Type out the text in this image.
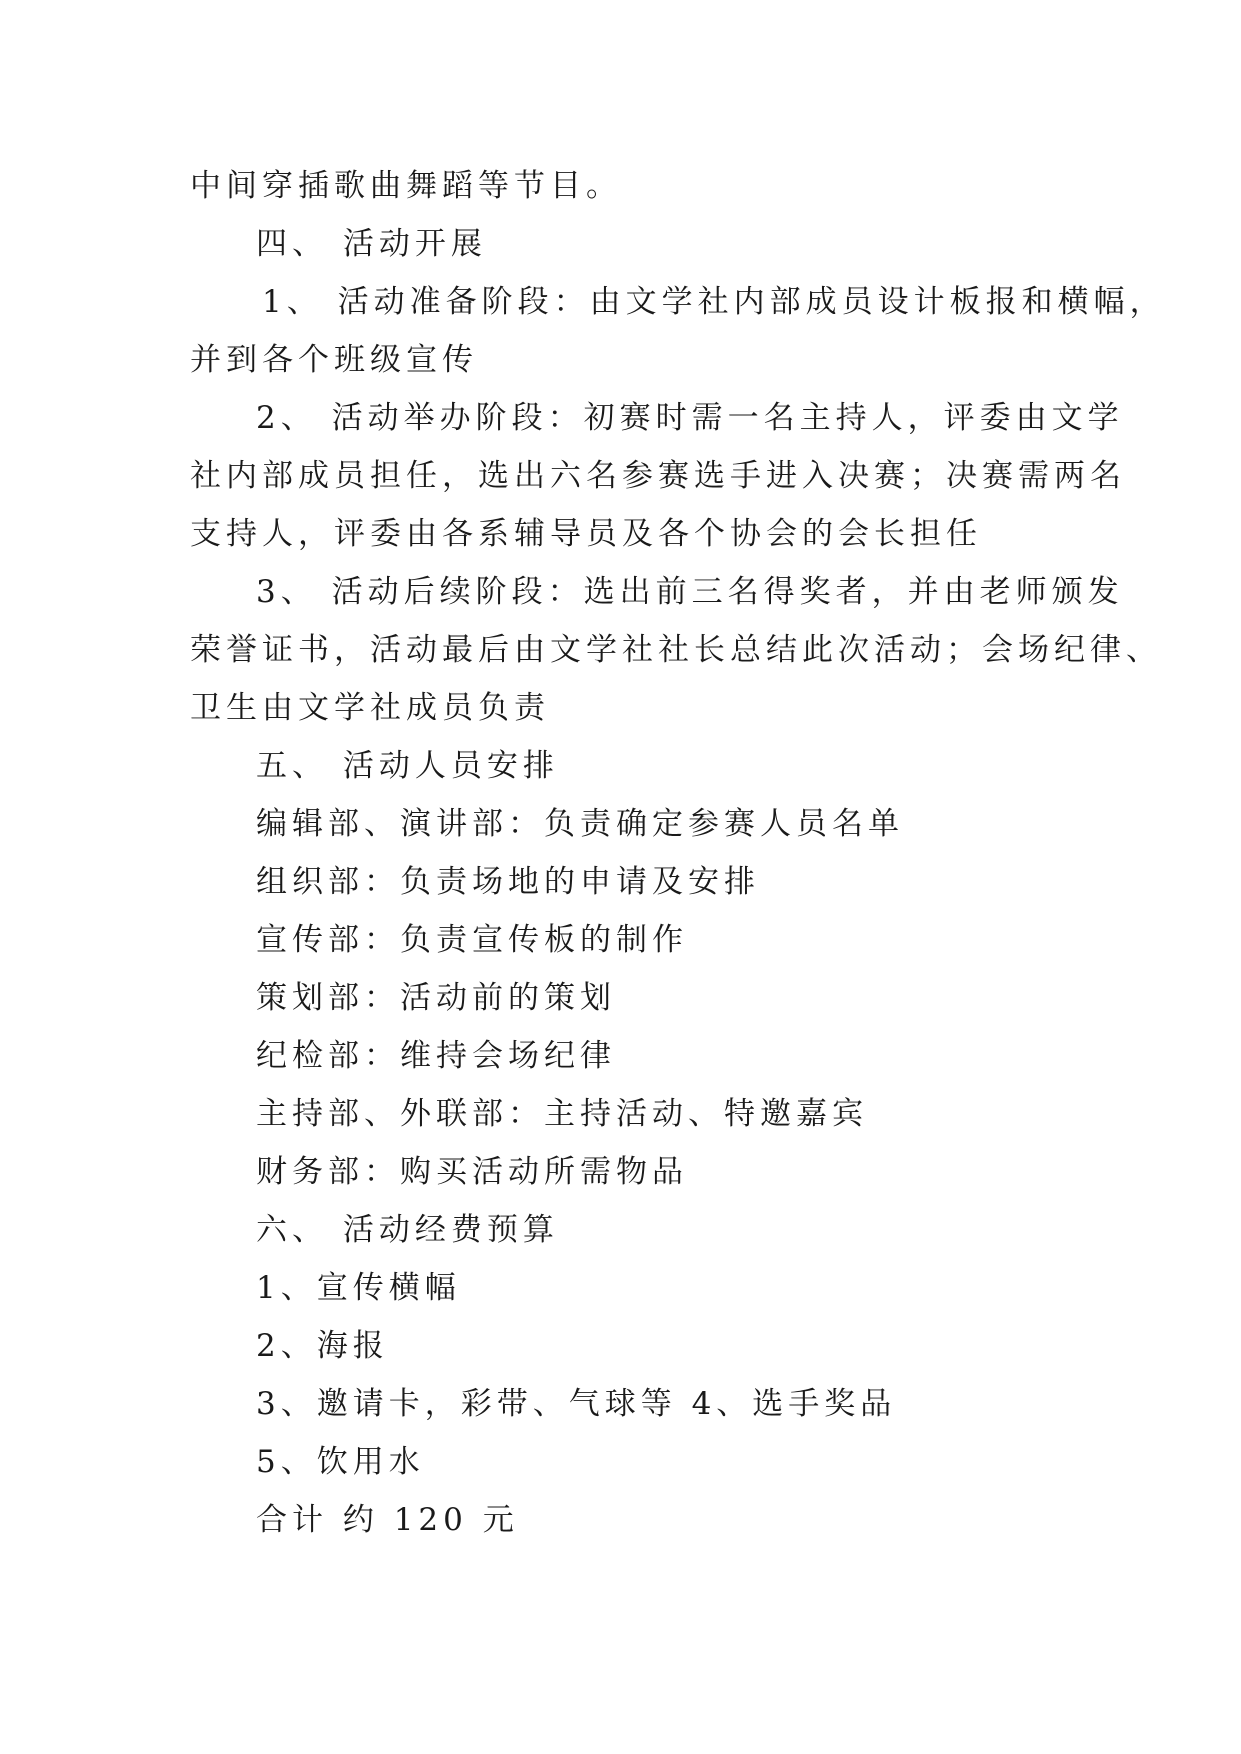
中间穿插歌曲舞蹈等节目。
四、 活动开展
1、 活动准备阶段：由文学社内部成员设计板报和横幅，
并到各个班级宣传
2、 活动举办阶段：初赛时需一名主持人，评委由文学
社内部成员担任，选出六名参赛选手进入决赛；决赛需两名
支持人，评委由各系辅导员及各个协会的会长担任
3、 活动后续阶段：选出前三名得奖者，并由老师颁发
荣誉证书，活动最后由文学社社长总结此次活动；会场纪律、
卫生由文学社成员负责
五、 活动人员安排
编辑部、演讲部：负责确定参赛人员名单
组织部：负责场地的申请及安排
宣传部：负责宣传板的制作
策划部：活动前的策划
纪检部：维持会场纪律
主持部、外联部：主持活动、特邀嘉宾
财务部：购买活动所需物品
六、 活动经费预算
1、宣传横幅
2、海报
3、邀请卡，彩带、气球等 4、选手奖品
5、饮用水
合计 约 120 元
